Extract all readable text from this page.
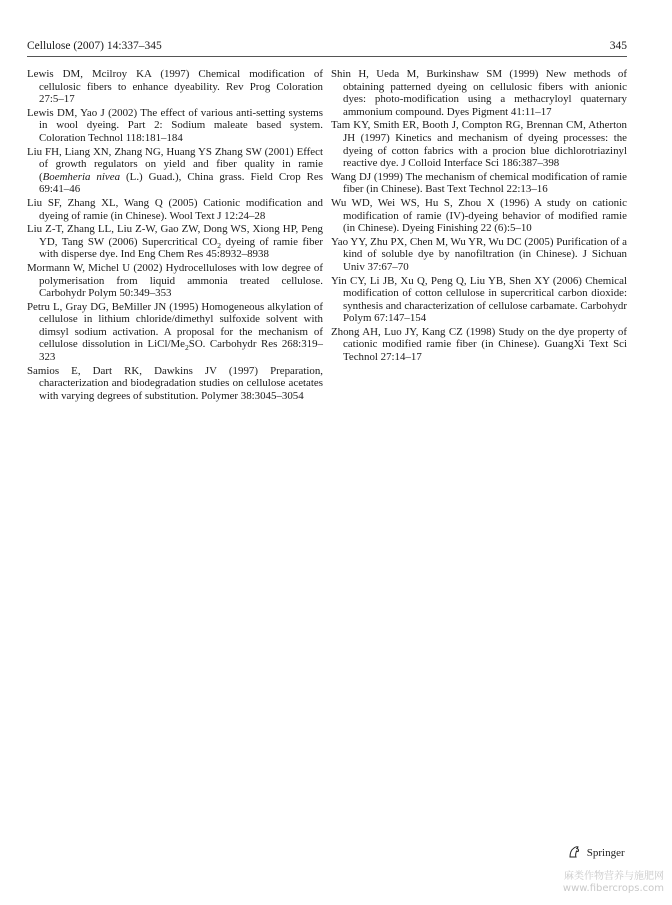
Cellulose (2007) 14:337–345	345

Lewis DM, Mcilroy KA (1997) Chemical modification of cellulosic fibers to enhance dyeability. Rev Prog Coloration 27:5–17

Lewis DM, Yao J (2002) The effect of various anti-setting systems in wool dyeing. Part 2: Sodium maleate based system. Coloration Technol 118:181–184

Liu FH, Liang XN, Zhang NG, Huang YS Zhang SW (2001) Effect of growth regulators on yield and fiber quality in ramie (Boemheria nivea (L.) Guad.), China grass. Field Crop Res 69:41–46

Liu SF, Zhang XL, Wang Q (2005) Cationic modification and dyeing of ramie (in Chinese). Wool Text J 12:24–28

Liu Z-T, Zhang LL, Liu Z-W, Gao ZW, Dong WS, Xiong HP, Peng YD, Tang SW (2006) Supercritical $CO_2$ dyeing of ramie fiber with disperse dye. Ind Eng Chem Res 45:8932–8938

Mormann W, Michel U (2002) Hydrocelluloses with low degree of polymerisation from liquid ammonia treated cellulose. Carbohydr Polym 50:349–353

Petru L, Gray DG, BeMiller JN (1995) Homogeneous alkylation of cellulose in lithium chloride/dimethyl sulfoxide solvent with dimsyl sodium activation. A proposal for the mechanism of cellulose dissolution in LiCl/$Me_2SO$. Carbohydr Res 268:319–323

Samios E, Dart RK, Dawkins JV (1997) Preparation, characterization and biodegradation studies on cellulose acetates with varying degrees of substitution. Polymer 38:3045–3054

Shin H, Ueda M, Burkinshaw SM (1999) New methods of obtaining patterned dyeing on cellulosic fibers with anionic dyes: photo-modification using a methacryloyl quaternary ammonium compound. Dyes Pigment 41:11–17

Tam KY, Smith ER, Booth J, Compton RG, Brennan CM, Atherton JH (1997) Kinetics and mechanism of dyeing processes: the dyeing of cotton fabrics with a procion blue dichlorotriazinyl reactive dye. J Colloid Interface Sci 186:387–398

Wang DJ (1999) The mechanism of chemical modification of ramie fiber (in Chinese). Bast Text Technol 22:13–16

Wu WD, Wei WS, Hu S, Zhou X (1996) A study on cationic modification of ramie (IV)-dyeing behavior of modified ramie (in Chinese). Dyeing Finishing 22 (6):5–10

Yao YY, Zhu PX, Chen M, Wu YR, Wu DC (2005) Purification of a kind of soluble dye by nanofiltration (in Chinese). J Sichuan Univ 37:67–70

Yin CY, Li JB, Xu Q, Peng Q, Liu YB, Shen XY (2006) Chemical modification of cotton cellulose in supercritical carbon dioxide: synthesis and characterization of cellulose carbamate. Carbohydr Polym 67:147–154

Zhong AH, Luo JY, Kang CZ (1998) Study on the dye property of cationic modified ramie fiber (in Chinese). GuangXi Text Sci Technol 27:14–17

Springer
麻类作物营养与施肥网
www.fibercrops.com
